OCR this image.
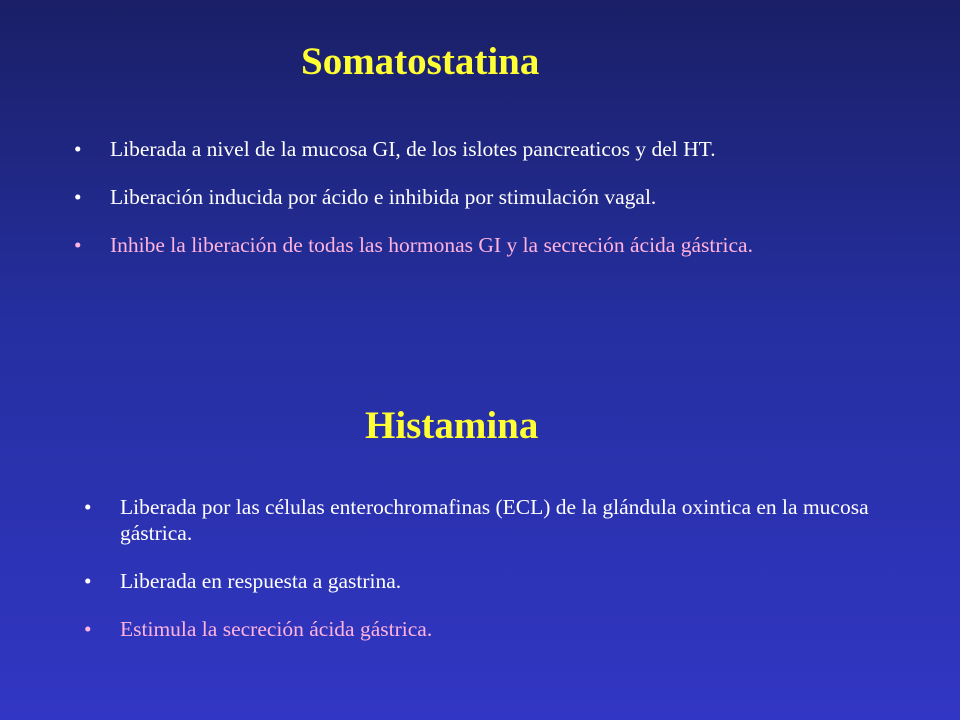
Somatostatina
• Liberada a nivel de la mucosa GI, de los islotes pancreaticos y del HT.
• Liberación inducida por ácido e inhibida por stimulación vagal.
• Inhibe la liberación de todas las hormonas GI y la secreción ácida gástrica.
Histamina
• Liberada por las células enterochromafinas (ECL) de la glándula oxintica en la mucosa gástrica.
• Liberada en respuesta a gastrina.
• Estimula la secreción ácida gástrica.
